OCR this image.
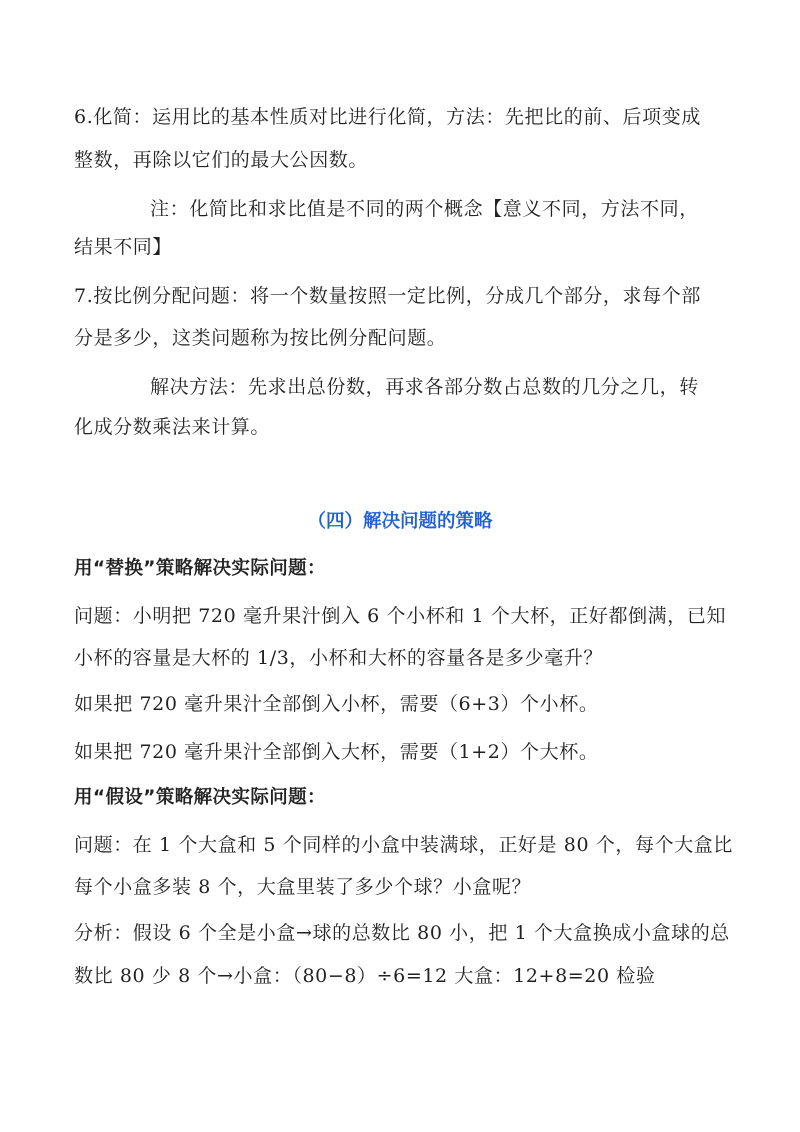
6.化简：运用比的基本性质对比进行化简，方法：先把比的前、后项变成
整数，再除以它们的最大公因数。
注：化简比和求比值是不同的两个概念【意义不同，方法不同，
结果不同】
7.按比例分配问题：将一个数量按照一定比例，分成几个部分，求每个部
分是多少，这类问题称为按比例分配问题。
解决方法：先求出总份数，再求各部分数占总数的几分之几，转
化成分数乘法来计算。
（四）解决问题的策略
用“替换”策略解决实际问题：
问题：小明把 720 毫升果汁倒入 6 个小杯和 1 个大杯，正好都倒满，已知
小杯的容量是大杯的 1/3，小杯和大杯的容量各是多少毫升？
如果把 720 毫升果汁全部倒入小杯，需要（6+3）个小杯。
如果把 720 毫升果汁全部倒入大杯，需要（1+2）个大杯。
用“假设”策略解决实际问题：
问题：在 1 个大盒和 5 个同样的小盒中装满球，正好是 80 个，每个大盒比
每个小盒多装 8 个，大盒里装了多少个球？小盒呢？
分析：假设 6 个全是小盒→球的总数比 80 小，把 1 个大盒换成小盒球的总
数比 80 少 8 个→小盒：（80−8）÷6=12 大盒：12+8=20 检验
